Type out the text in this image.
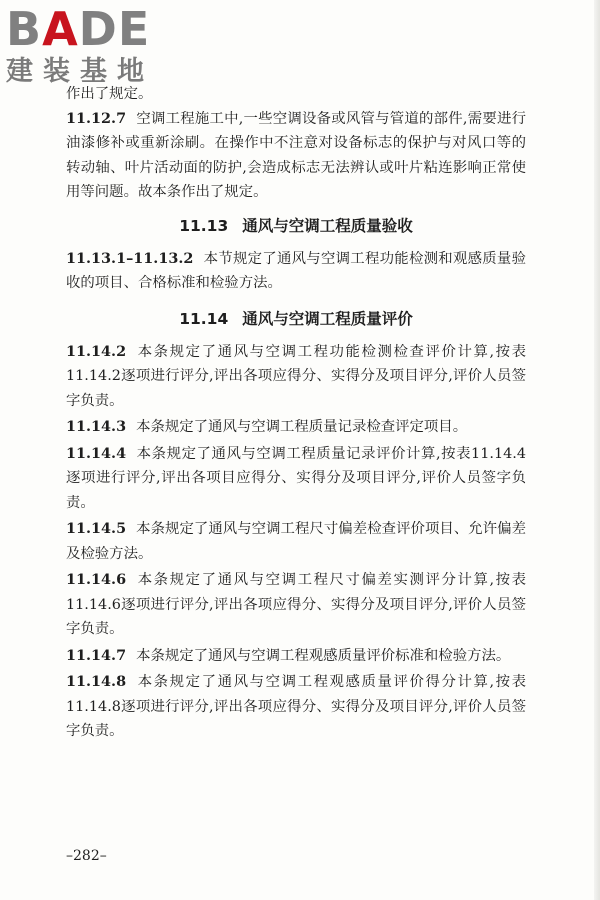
BADE
建装基地

作出了规定。

11.12.7 空调工程施工中,一些空调设备或风管与管道的部件,需要进行油漆修补或重新涂刷。在操作中不注意对设备标志的保护与对风口等的转动轴、叶片活动面的防护,会造成标志无法辨认或叶片粘连影响正常使用等问题。故本条作出了规定。

11.13 通风与空调工程质量验收

11.13.1–11.13.2 本节规定了通风与空调工程功能检测和观感质量验收的项目、合格标准和检验方法。

11.14 通风与空调工程质量评价

11.14.2 本条规定了通风与空调工程功能检测检查评价计算,按表11.14.2逐项进行评分,评出各项应得分、实得分及项目评分,评价人员签字负责。

11.14.3 本条规定了通风与空调工程质量记录检查评定项目。

11.14.4 本条规定了通风与空调工程质量记录评价计算,按表11.14.4逐项进行评分,评出各项目应得分、实得分及项目评分,评价人员签字负责。

11.14.5 本条规定了通风与空调工程尺寸偏差检查评价项目、允许偏差及检验方法。

11.14.6 本条规定了通风与空调工程尺寸偏差实测评分计算,按表11.14.6逐项进行评分,评出各项应得分、实得分及项目评分,评价人员签字负责。

11.14.7 本条规定了通风与空调工程观感质量评价标准和检验方法。

11.14.8 本条规定了通风与空调工程观感质量评价得分计算,按表11.14.8逐项进行评分,评出各项应得分、实得分及项目评分,评价人员签字负责。

–282–
